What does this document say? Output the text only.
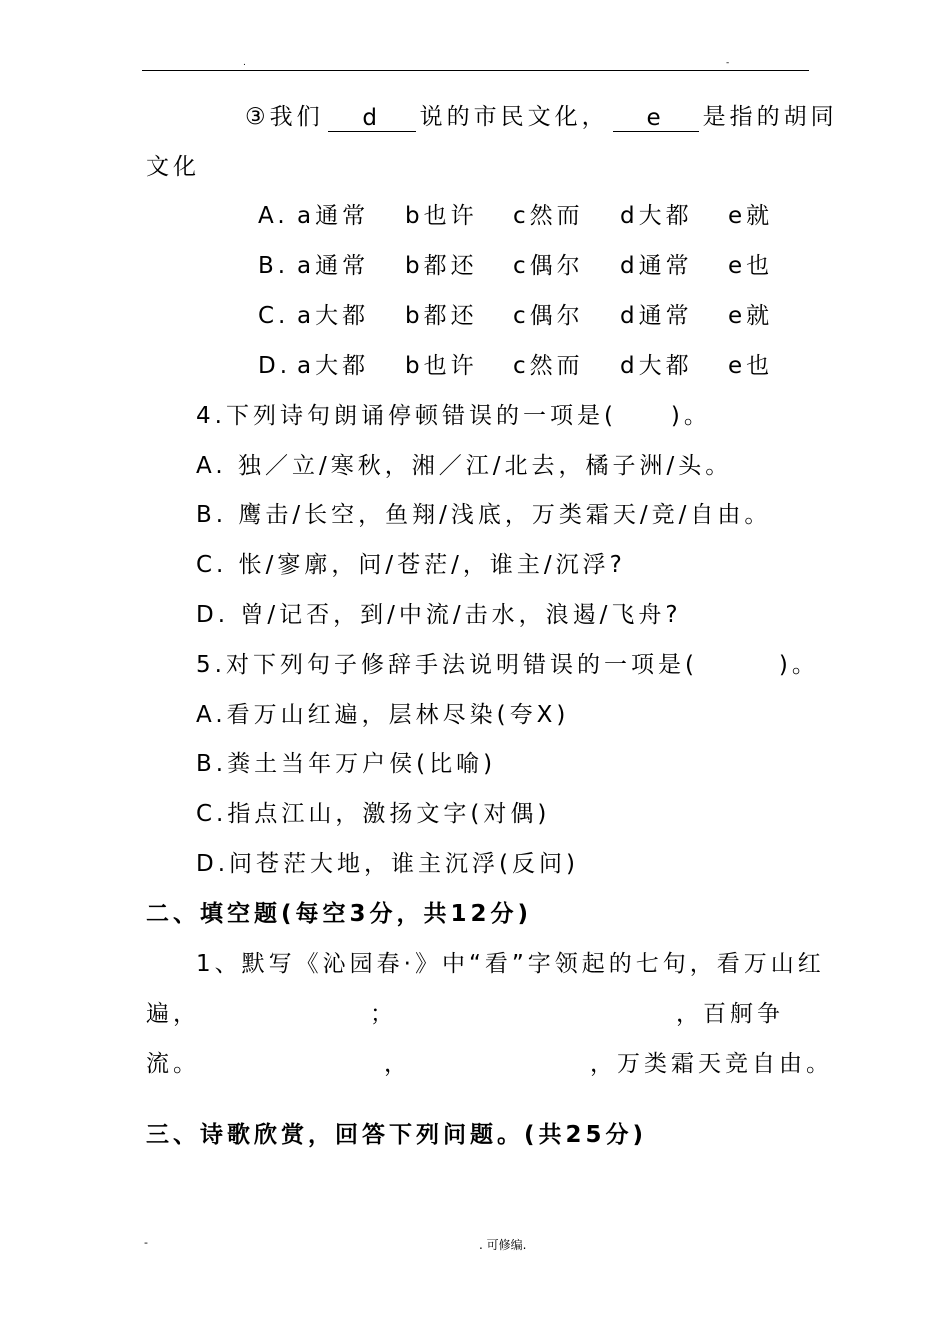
.	-
③我们 d 说的市民文化， e 是指的胡同
文化
A. a通常 b也许 c然而 d大都 e就
B. a通常 b都还 c偶尔 d通常 e也
C. a大都 b都还 c偶尔 d通常 e就
D. a大都 b也许 c然而 d大都 e也
4.下列诗句朗诵停顿错误的一项是(　　)。
A. 独／立/寒秋，湘／江/北去，橘子洲/头。
B. 鹰击/长空，鱼翔/浅底，万类霜天/竞/自由。
C. 怅/寥廓，问/苍茫/，谁主/沉浮?
D. 曾/记否，到/中流/击水，浪遏/飞舟?
5.对下列句子修辞手法说明错误的一项是(　　　)。
A.看万山红遍，层林尽染(夸X)
B.粪土当年万户侯(比喻)
C.指点江山，激扬文字(对偶)
D.问苍茫大地，谁主沉浮(反问)
二、填空题(每空3分，共12分)
1、默写《沁园春·》中“看”字领起的七句，看万山红
遍，	；	，百舸争
流。	，	，万类霜天竞自由。
三、诗歌欣赏，回答下列问题。(共25分)
-	. 可修编.
